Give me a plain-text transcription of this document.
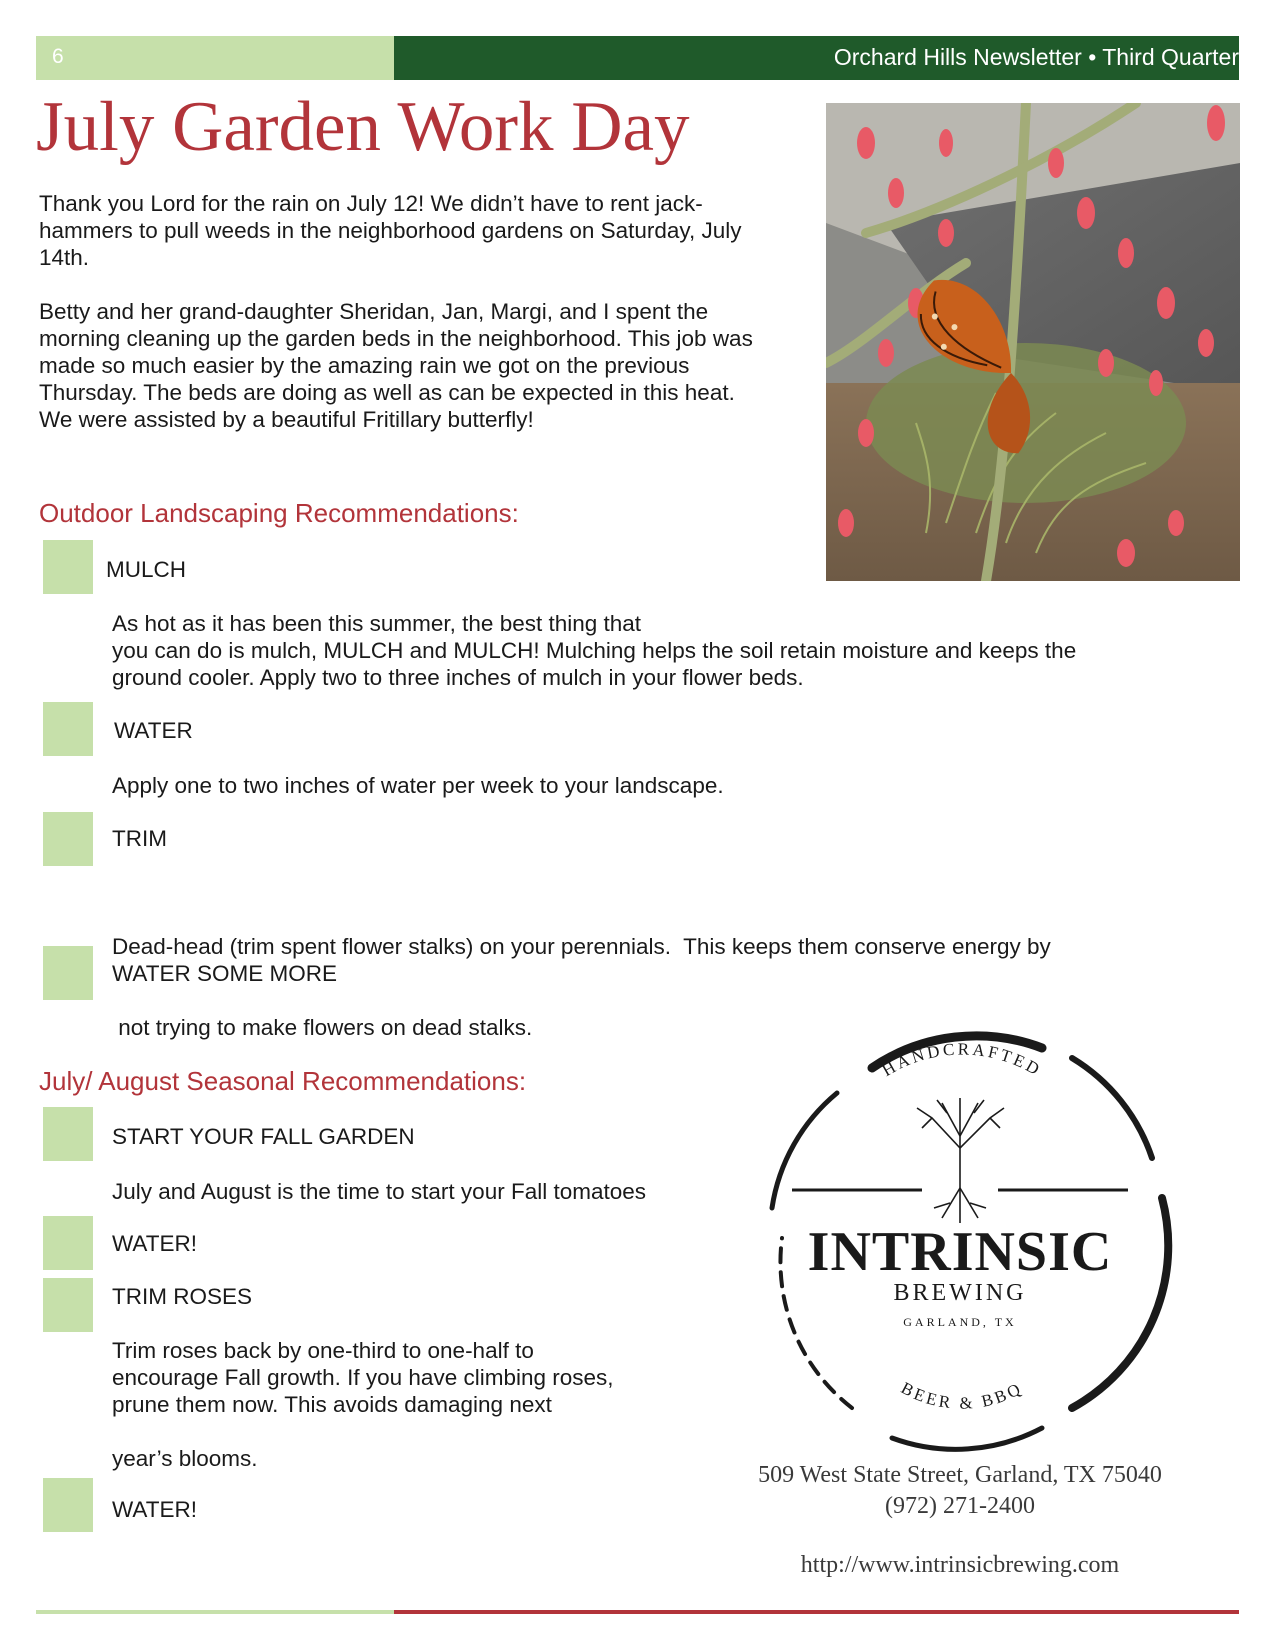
6	Orchard Hills Newsletter • Third Quarter
July Garden Work Day

Thank you Lord for the rain on July 12! We didn’t have to rent jack-hammers to pull weeds in the neighborhood gardens on Saturday, July 14th.

Betty and her grand-daughter Sheridan, Jan, Margi, and I spent the morning cleaning up the garden beds in the neighborhood. This job was made so much easier by the amazing rain we got on the previous Thursday. The beds are doing as well as can be expected in this heat. We were assisted by a beautiful Fritillary butterfly!

Outdoor Landscaping Recommendations:
MULCH
As hot as it has been this summer, the best thing that
you can do is mulch, MULCH and MULCH! Mulching helps the soil retain moisture and keeps the
ground cooler. Apply two to three inches of mulch in your flower beds.
WATER
Apply one to two inches of water per week to your landscape.
TRIM

Dead-head (trim spent flower stalks) on your perennials.  This keeps them conserve energy by

not trying to make flowers on dead stalks.

WATER SOME MORE
July/ August Seasonal Recommendations:
START YOUR FALL GARDEN
July and August is the time to start your Fall tomatoes
WATER!
TRIM ROSES
Trim roses back by one-third to one-half to
encourage Fall growth. If you have climbing roses,
prune them now. This avoids damaging next
year’s blooms.
WATER!
HANDCRAFTED
INTRINSIC
BREWING
GARLAND, TX
BEER & BBQ
509 West State Street, Garland, TX 75040
(972) 271-2400
http://www.intrinsicbrewing.com
